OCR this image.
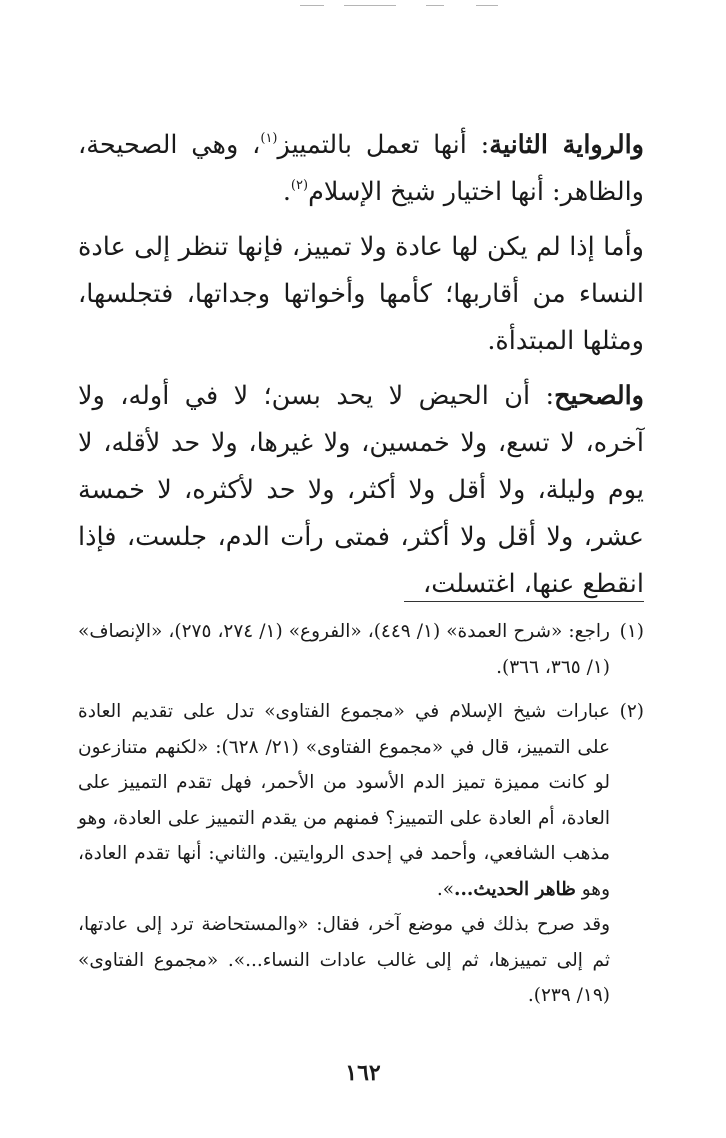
والرواية الثانية: أنها تعمل بالتمييز$^{(١)}$، وهي الصحيحة، والظاهر: أنها اختيار شيخ الإسلام$^{(٢)}$.

وأما إذا لم يكن لها عادة ولا تمييز، فإنها تنظر إلى عادة النساء من أقاربها؛ كأمها وأخواتها وجداتها، فتجلسها، ومثلها المبتدأة.

والصحيح: أن الحيض لا يحد بسن؛ لا في أوله، ولا آخره، لا تسع، ولا خمسين، ولا غيرها، ولا حد لأقله، لا يوم وليلة، ولا أقل ولا أكثر، ولا حد لأكثره، لا خمسة عشر، ولا أقل ولا أكثر، فمتى رأت الدم، جلست، فإذا انقطع عنها، اغتسلت،

(١)
راجع: «شرح العمدة» (١/ ٤٤٩)، «الفروع» (١/ ٢٧٤، ٢٧٥)، «الإنصاف» (١/ ٣٦٥، ٣٦٦).
(٢)
عبارات شيخ الإسلام في «مجموع الفتاوى» تدل على تقديم العادة على التمييز، قال في «مجموع الفتاوى» (٢١/ ٦٢٨): «لكنهم متنازعون لو كانت مميزة تميز الدم الأسود من الأحمر، فهل تقدم التمييز على العادة، أم العادة على التمييز؟ فمنهم من يقدم التمييز على العادة، وهو مذهب الشافعي، وأحمد في إحدى الروايتين. والثاني: أنها تقدم العادة، وهو ظاهر الحديث...».
وقد صرح بذلك في موضع آخر، فقال: «والمستحاضة ترد إلى عادتها، ثم إلى تمييزها، ثم إلى غالب عادات النساء...». «مجموع الفتاوى» (١٩/ ٢٣٩).
١٦٢
